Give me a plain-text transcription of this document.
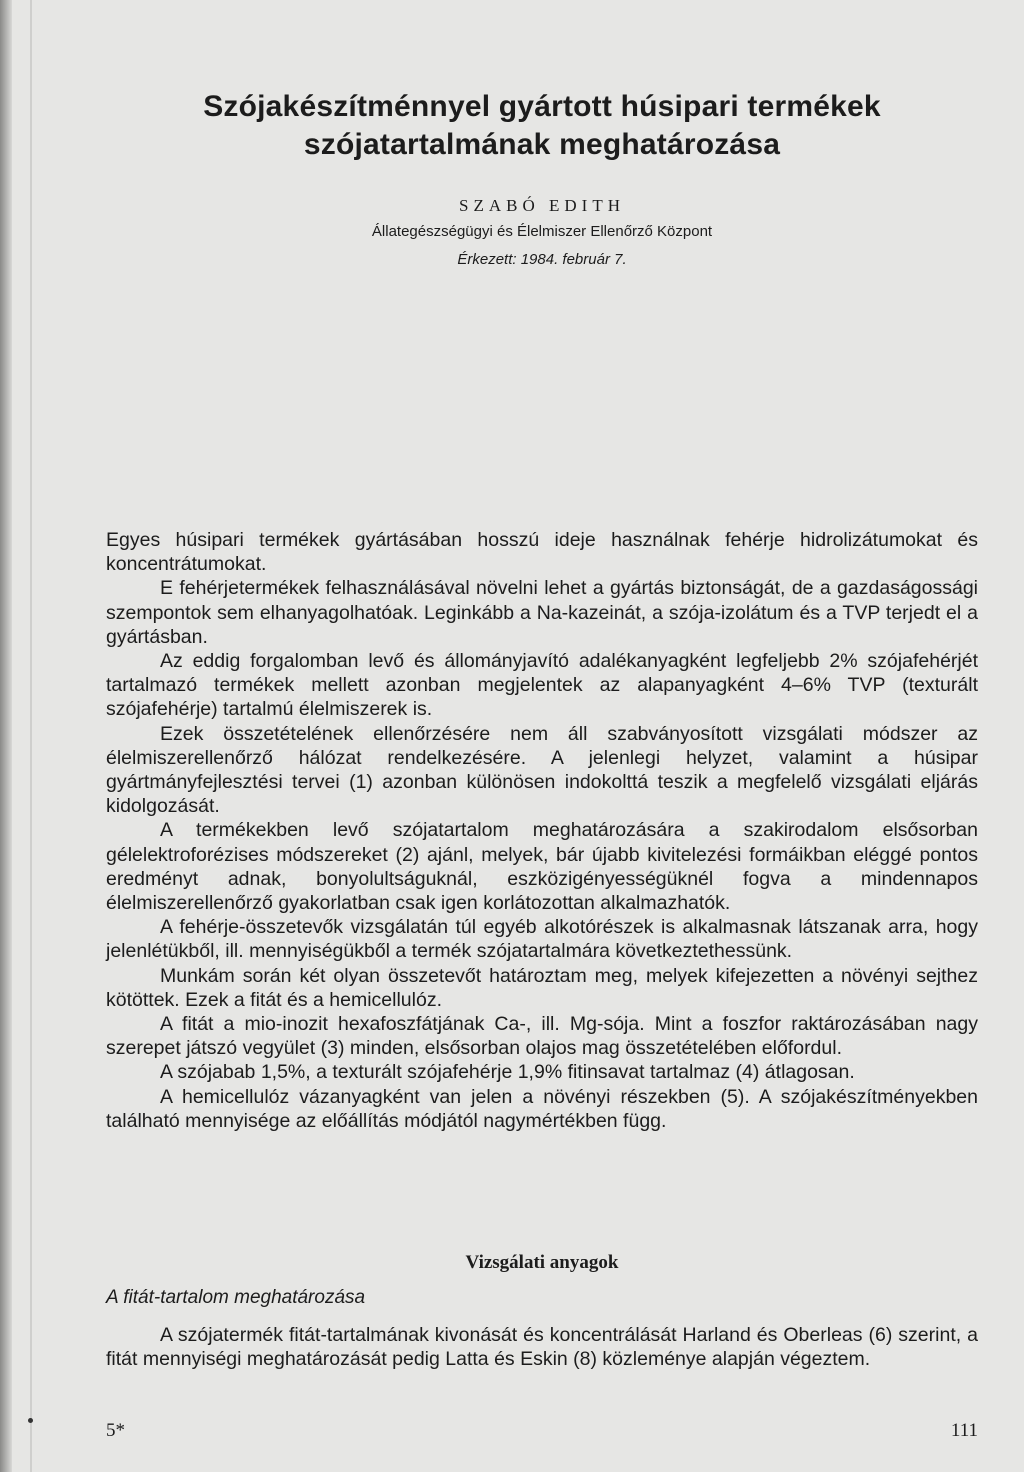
Szójakészítménnyel gyártott húsipari termékek
szójatartalmának meghatározása
SZABÓ EDITH
Állategészségügyi és Élelmiszer Ellenőrző Központ
Érkezett: 1984. február 7.

Egyes húsipari termékek gyártásában hosszú ideje használnak fehérje hidrolizátumokat és koncentrátumokat.

E fehérjetermékek felhasználásával növelni lehet a gyártás biztonságát, de a gazdaságossági szempontok sem elhanyagolhatóak. Leginkább a Na-kazeinát, a szója-izolátum és a TVP terjedt el a gyártásban.

Az eddig forgalomban levő és állományjavító adalékanyagként legfeljebb 2% szójafehérjét tartalmazó termékek mellett azonban megjelentek az alapanyagként 4–6% TVP (texturált szójafehérje) tartalmú élelmiszerek is.

Ezek összetételének ellenőrzésére nem áll szabványosított vizsgálati módszer az élelmiszerellenőrző hálózat rendelkezésére. A jelenlegi helyzet, valamint a húsipar gyártmányfejlesztési tervei (1) azonban különösen indokolttá teszik a megfelelő vizsgálati eljárás kidolgozását.

A termékekben levő szójatartalom meghatározására a szakirodalom elsősorban gélelektroforézises módszereket (2) ajánl, melyek, bár újabb kivitelezési formáikban eléggé pontos eredményt adnak, bonyolultságuknál, eszközigényességüknél fogva a mindennapos élelmiszerellenőrző gyakorlatban csak igen korlátozottan alkalmazhatók.

A fehérje-összetevők vizsgálatán túl egyéb alkotórészek is alkalmasnak látszanak arra, hogy jelenlétükből, ill. mennyiségükből a termék szójatartalmára következtethessünk.

Munkám során két olyan összetevőt határoztam meg, melyek kifejezetten a növényi sejthez kötöttek. Ezek a fitát és a hemicellulóz.

A fitát a mio-inozit hexafoszfátjának Ca-, ill. Mg-sója. Mint a foszfor raktározásában nagy szerepet játszó vegyület (3) minden, elsősorban olajos mag összetételében előfordul.

A szójabab 1,5%, a texturált szójafehérje 1,9% fitinsavat tartalmaz (4) átlagosan.

A hemicellulóz vázanyagként van jelen a növényi részekben (5). A szójakészítményekben található mennyisége az előállítás módjától nagymértékben függ.

Vizsgálati anyagok
A fitát-tartalom meghatározása

A szójatermék fitát-tartalmának kivonását és koncentrálását Harland és Oberleas (6) szerint, a fitát mennyiségi meghatározását pedig Latta és Eskin (8) közleménye alapján végeztem.

5*	111
